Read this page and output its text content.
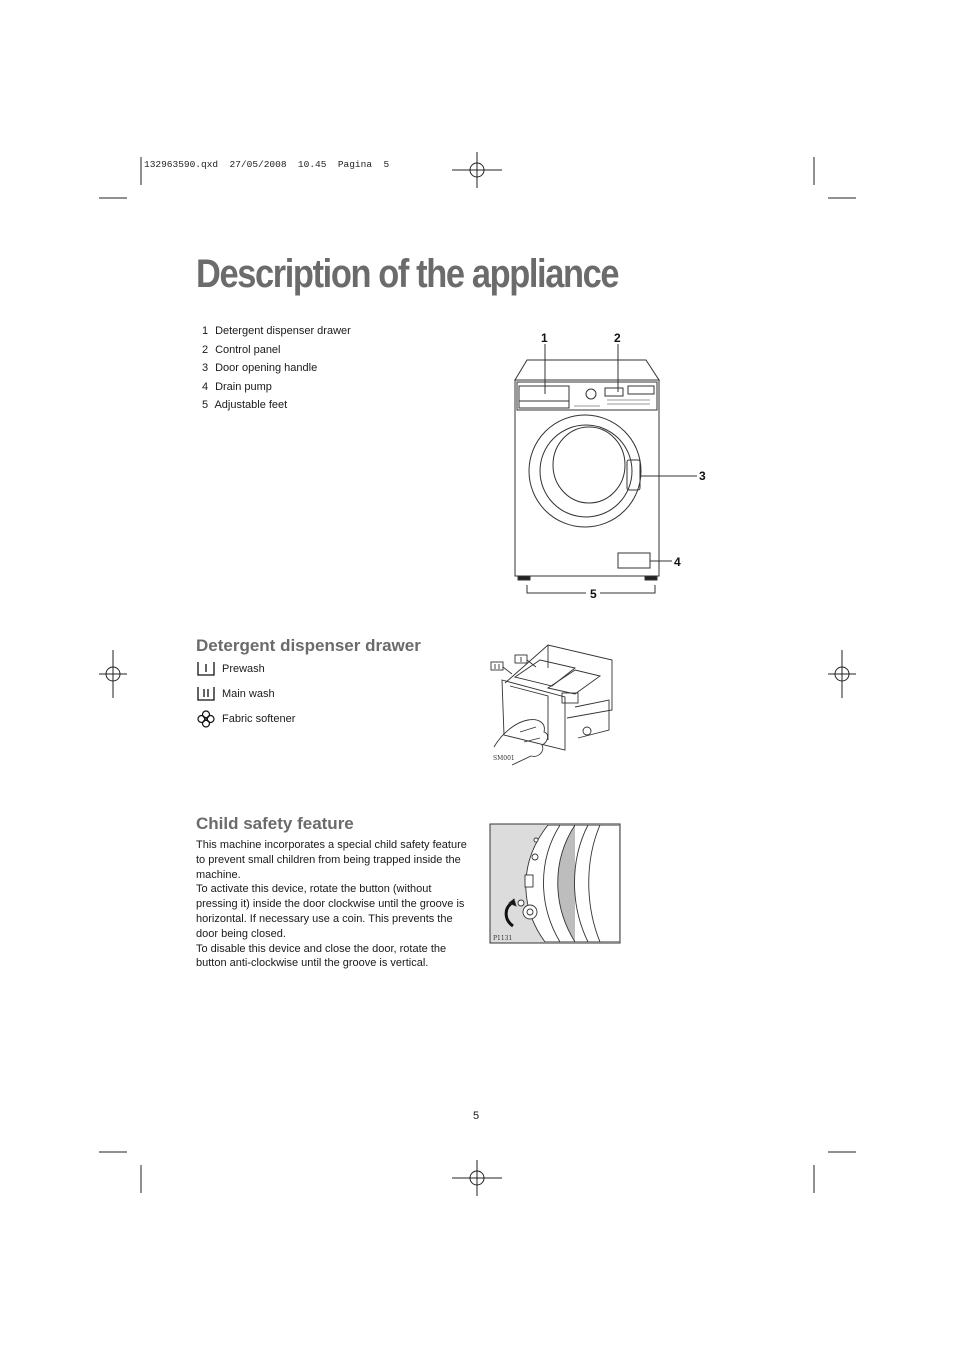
132963590.qxd  27/05/2008  10.45  Pagina  5
Description of the appliance
1 Detergent dispenser drawer
2 Control panel
3 Door opening handle
4 Drain pump
5 Adjustable feet
1	2
3
4
5
Detergent dispenser drawer
Prewash
Main wash
Fabric softener
SM001
Child safety feature
This machine incorporates a special child safety feature to prevent small children from being trapped inside the machine.
To activate this device, rotate the button (without pressing it) inside the door clockwise until the groove is horizontal. If necessary use a coin. This prevents the door being closed.
To disable this device and close the door, rotate the button anti-clockwise until the groove is vertical.
P1131
5
